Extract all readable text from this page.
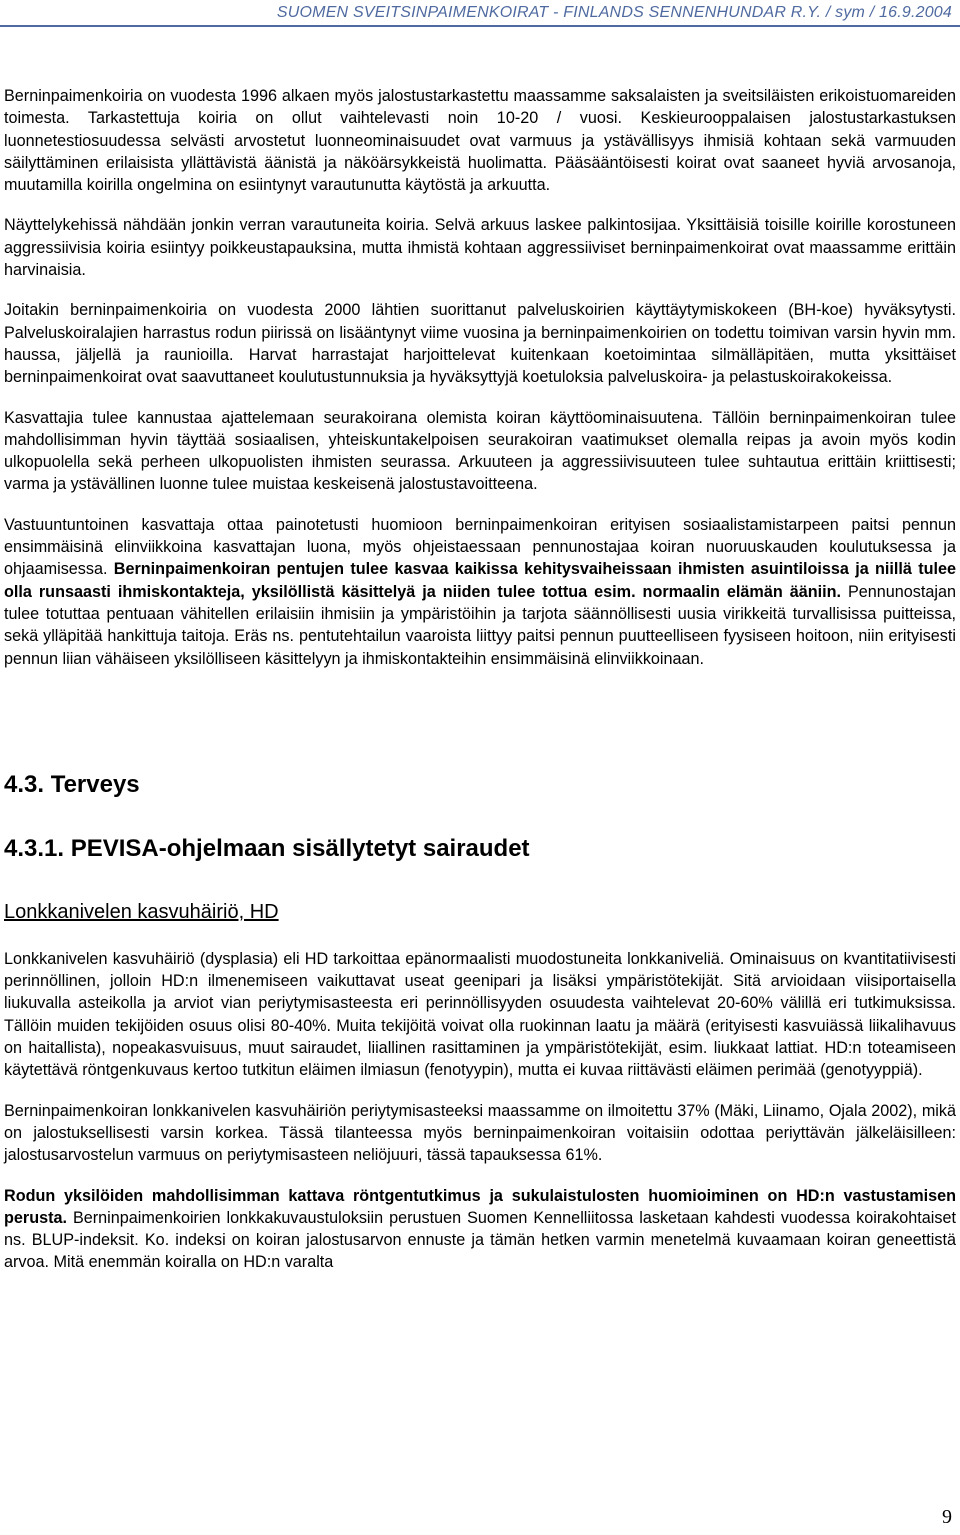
SUOMEN SVEITSINPAIMENKOIRAT - FINLANDS SENNENHUNDAR R.Y. / sym / 16.9.2004

Berninpaimenkoiria on vuodesta 1996 alkaen myös jalostustarkastettu maassamme saksalaisten ja sveitsiläisten erikoistuomareiden toimesta. Tarkastettuja koiria on ollut vaihtelevasti noin 10-20 / vuosi. Keskieurooppalaisen jalostustarkastuksen luonnetestiosuudessa selvästi arvostetut luonneominaisuudet ovat varmuus ja ystävällisyys ihmisiä kohtaan sekä varmuuden säilyttäminen erilaisista yllättävistä äänistä ja näköärsykkeistä huolimatta. Pääsääntöisesti koirat ovat saaneet hyviä arvosanoja, muutamilla koirilla ongelmina on esiintynyt varautunutta käytöstä ja arkuutta.

Näyttelykehissä nähdään jonkin verran varautuneita koiria. Selvä arkuus laskee palkintosijaa. Yksittäisiä toisille koirille korostuneen aggressiivisia koiria esiintyy poikkeustapauksina, mutta ihmistä kohtaan aggressiiviset berninpaimenkoirat ovat maassamme erittäin harvinaisia.

Joitakin berninpaimenkoiria on vuodesta 2000 lähtien suorittanut palveluskoirien käyttäytymiskokeen (BH-koe) hyväksytysti. Palveluskoiralajien harrastus rodun piirissä on lisääntynyt viime vuosina ja berninpaimenkoirien on todettu toimivan varsin hyvin mm. haussa, jäljellä ja raunioilla. Harvat harrastajat harjoittelevat kuitenkaan koetoimintaa silmälläpitäen, mutta yksittäiset berninpaimenkoirat ovat saavuttaneet koulutustunnuksia ja hyväksyttyjä koetuloksia palveluskoira- ja pelastuskoirakokeissa.

Kasvattajia tulee kannustaa ajattelemaan seurakoirana olemista koiran käyttöominaisuutena. Tällöin berninpaimenkoiran tulee mahdollisimman hyvin täyttää sosiaalisen, yhteiskuntakelpoisen seurakoiran vaatimukset olemalla reipas ja avoin myös kodin ulkopuolella sekä perheen ulkopuolisten ihmisten seurassa. Arkuuteen ja aggressiivisuuteen tulee suhtautua erittäin kriittisesti; varma ja ystävällinen luonne tulee muistaa keskeisenä jalostustavoitteena.

Vastuuntuntoinen kasvattaja ottaa painotetusti huomioon berninpaimenkoiran erityisen sosiaalistamistarpeen paitsi pennun ensimmäisinä elinviikkoina kasvattajan luona, myös ohjeistaessaan pennunostajaa koiran nuoruuskauden koulutuksessa ja ohjaamisessa. Berninpaimenkoiran pentujen tulee kasvaa kaikissa kehitysvaiheissaan ihmisten asuintiloissa ja niillä tulee olla runsaasti ihmiskontakteja, yksilöllistä käsittelyä ja niiden tulee tottua esim. normaalin elämän ääniin. Pennunostajan tulee totuttaa pentuaan vähitellen erilaisiin ihmisiin ja ympäristöihin ja tarjota säännöllisesti uusia virikkeitä turvallisissa puitteissa, sekä ylläpitää hankittuja taitoja. Eräs ns. pentutehtailun vaaroista liittyy paitsi pennun puutteelliseen fyysiseen hoitoon, niin erityisesti pennun liian vähäiseen yksilölliseen käsittelyyn ja ihmiskontakteihin ensimmäisinä elinviikkoinaan.

4.3. Terveys
4.3.1. PEVISA-ohjelmaan sisällytetyt sairaudet
Lonkkanivelen kasvuhäiriö, HD

Lonkkanivelen kasvuhäiriö (dysplasia) eli HD tarkoittaa epänormaalisti muodostuneita lonkkaniveliä. Ominaisuus on kvantitatiivisesti perinnöllinen, jolloin HD:n ilmenemiseen vaikuttavat useat geenipari ja lisäksi ympäristötekijät. Sitä arvioidaan viisiportaisella liukuvalla asteikolla ja arviot vian periytymisasteesta eri perinnöllisyyden osuudesta vaihtelevat 20-60% välillä eri tutkimuksissa. Tällöin muiden tekijöiden osuus olisi 80-40%. Muita tekijöitä voivat olla ruokinnan laatu ja määrä (erityisesti kasvuiässä liikalihavuus on haitallista), nopeakasvuisuus, muut sairaudet, liiallinen rasittaminen ja ympäristötekijät, esim. liukkaat lattiat. HD:n toteamiseen käytettävä röntgenkuvaus kertoo tutkitun eläimen ilmiasun (fenotyypin), mutta ei kuvaa riittävästi eläimen perimää (genotyyppiä).

Berninpaimenkoiran lonkkanivelen kasvuhäiriön periytymisasteeksi maassamme on ilmoitettu 37% (Mäki, Liinamo, Ojala 2002), mikä on jalostuksellisesti varsin korkea. Tässä tilanteessa myös berninpaimenkoiran voitaisiin odottaa periyttävän jälkeläisilleen: jalostusarvostelun varmuus on periytymisasteen neliöjuuri, tässä tapauksessa 61%.

Rodun yksilöiden mahdollisimman kattava röntgentutkimus ja sukulaistulosten huomioiminen on HD:n vastustamisen perusta. Berninpaimenkoirien lonkkakuvaustuloksiin perustuen Suomen Kennelliitossa lasketaan kahdesti vuodessa koirakohtaiset ns. BLUP-indeksit. Ko. indeksi on koiran jalostusarvon ennuste ja tämän hetken varmin menetelmä kuvaamaan koiran geneettistä arvoa. Mitä enemmän koiralla on HD:n varalta

9
